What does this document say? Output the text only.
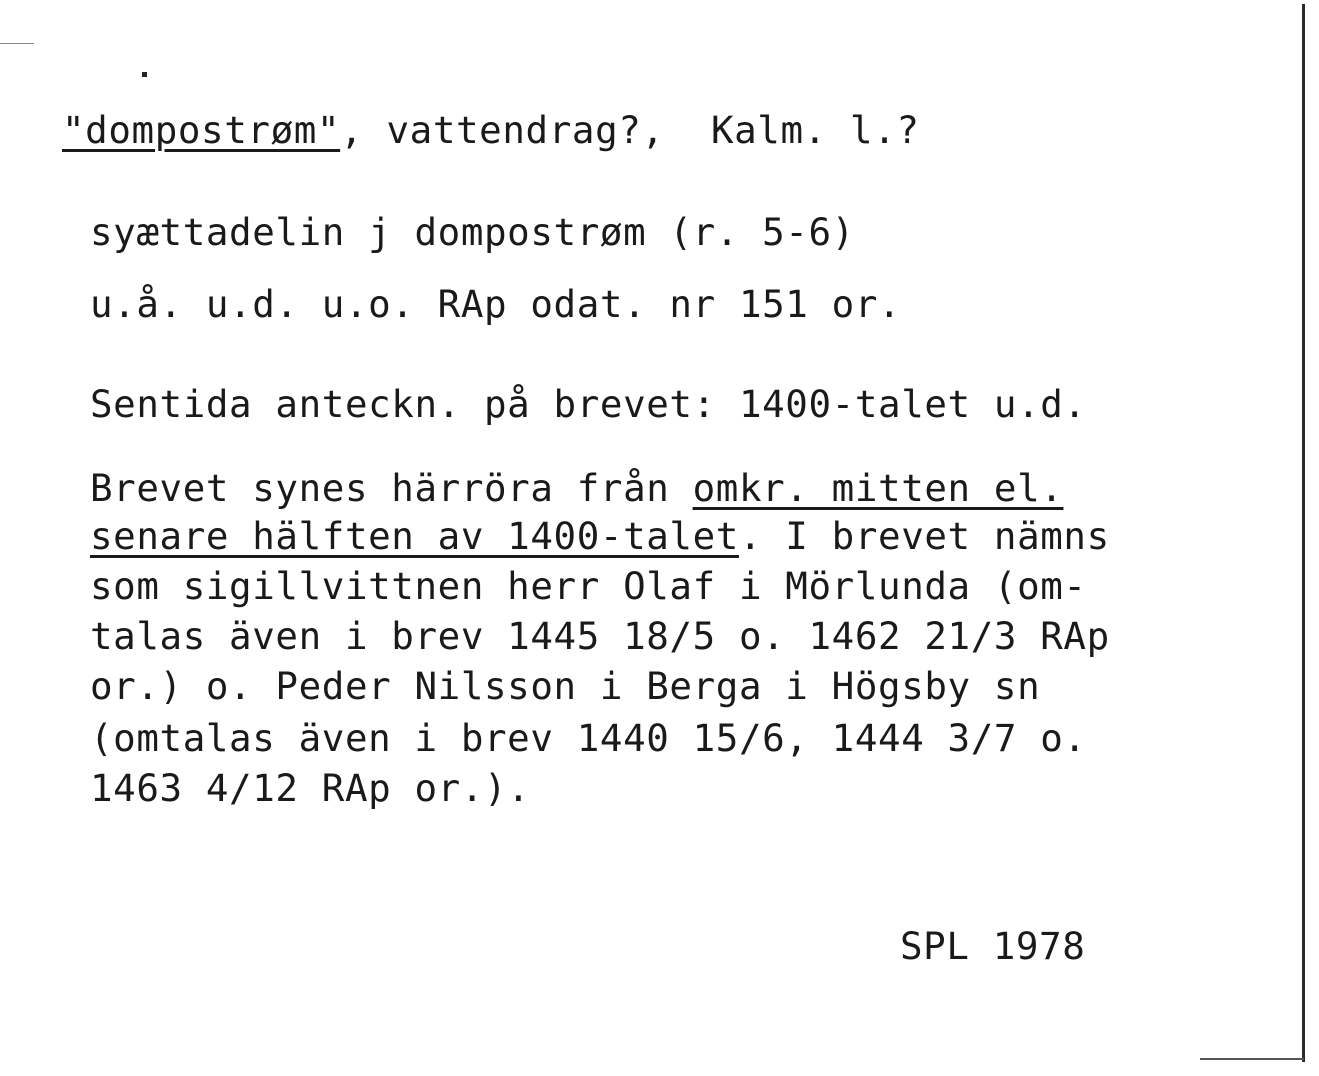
"dompostrøm", vattendrag?,  Kalm. l.?
syættadelin j dompostrøm (r. 5-6)
u.å. u.d. u.o. RAp odat. nr 151 or.
Sentida anteckn. på brevet: 1400-talet u.d.
Brevet synes härröra från omkr. mitten el.
senare hälften av 1400-talet. I brevet nämns
som sigillvittnen herr Olaf i Mörlunda (om-
talas även i brev 1445 18/5 o. 1462 21/3 RAp
or.) o. Peder Nilsson i Berga i Högsby sn
(omtalas även i brev 1440 15/6, 1444 3/7 o.
1463 4/12 RAp or.).
SPL 1978
